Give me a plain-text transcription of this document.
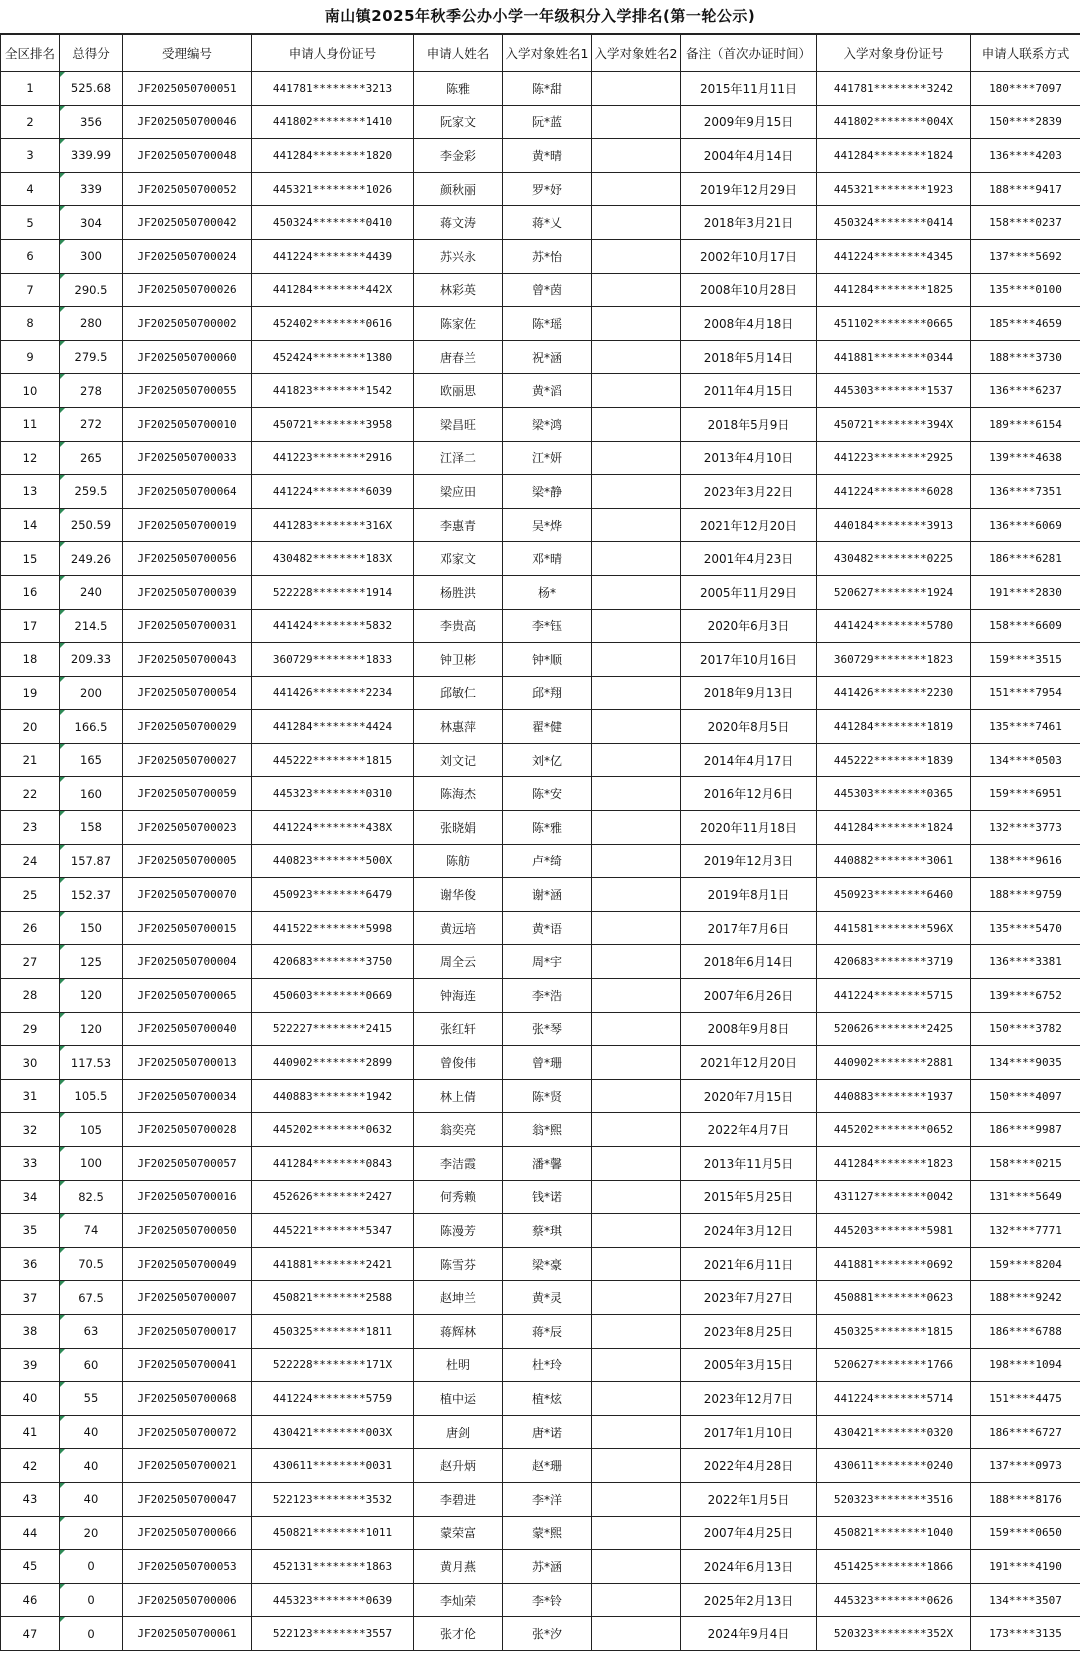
南山镇2025年秋季公办小学一年级积分入学排名(第一轮公示)
全区排名	总得分	受理编号	申请人身份证号	申请人姓名	入学对象姓名1	入学对象姓名2	备注（首次办证时间）	入学对象身份证号	申请人联系方式
1	525.68	JF2025050700051	441781********3213	陈雅	陈*甜		2015年11月11日	441781********3242	180****7097
2	356	JF2025050700046	441802********1410	阮家文	阮*蓝		2009年9月15日	441802********004X	150****2839
3	339.99	JF2025050700048	441284********1820	李金彩	黄*晴		2004年4月14日	441284********1824	136****4203
4	339	JF2025050700052	445321********1026	颜秋丽	罗*妤		2019年12月29日	445321********1923	188****9417
5	304	JF2025050700042	450324********0410	蒋文涛	蒋*乂		2018年3月21日	450324********0414	158****0237
6	300	JF2025050700024	441224********4439	苏兴永	苏*怡		2002年10月17日	441224********4345	137****5692
7	290.5	JF2025050700026	441284********442X	林彩英	曾*茵		2008年10月28日	441284********1825	135****0100
8	280	JF2025050700002	452402********0616	陈家佐	陈*瑶		2008年4月18日	451102********0665	185****4659
9	279.5	JF2025050700060	452424********1380	唐春兰	祝*涵		2018年5月14日	441881********0344	188****3730
10	278	JF2025050700055	441823********1542	欧丽思	黄*滔		2011年4月15日	445303********1537	136****6237
11	272	JF2025050700010	450721********3958	梁昌旺	梁*鸿		2018年5月9日	450721********394X	189****6154
12	265	JF2025050700033	441223********2916	江泽二	江*妍		2013年4月10日	441223********2925	139****4638
13	259.5	JF2025050700064	441224********6039	梁应田	梁*静		2023年3月22日	441224********6028	136****7351
14	250.59	JF2025050700019	441283********316X	李惠青	吴*烨		2021年12月20日	440184********3913	136****6069
15	249.26	JF2025050700056	430482********183X	邓家文	邓*晴		2001年4月23日	430482********0225	186****6281
16	240	JF2025050700039	522228********1914	杨胜洪	杨*		2005年11月29日	520627********1924	191****2830
17	214.5	JF2025050700031	441424********5832	李贵高	李*钰		2020年6月3日	441424********5780	158****6609
18	209.33	JF2025050700043	360729********1833	钟卫彬	钟*顺		2017年10月16日	360729********1823	159****3515
19	200	JF2025050700054	441426********2234	邱敏仁	邱*翔		2018年9月13日	441426********2230	151****7954
20	166.5	JF2025050700029	441284********4424	林惠萍	翟*健		2020年8月5日	441284********1819	135****7461
21	165	JF2025050700027	445222********1815	刘文记	刘*亿		2014年4月17日	445222********1839	134****0503
22	160	JF2025050700059	445323********0310	陈海杰	陈*安		2016年12月6日	445303********0365	159****6951
23	158	JF2025050700023	441224********438X	张晓娟	陈*雅		2020年11月18日	441284********1824	132****3773
24	157.87	JF2025050700005	440823********500X	陈舫	卢*绮		2019年12月3日	440882********3061	138****9616
25	152.37	JF2025050700070	450923********6479	谢华俊	谢*涵		2019年8月1日	450923********6460	188****9759
26	150	JF2025050700015	441522********5998	黄远培	黄*语		2017年7月6日	441581********596X	135****5470
27	125	JF2025050700004	420683********3750	周全云	周*宇		2018年6月14日	420683********3719	136****3381
28	120	JF2025050700065	450603********0669	钟海连	李*浩		2007年6月26日	441224********5715	139****6752
29	120	JF2025050700040	522227********2415	张红轩	张*琴		2008年9月8日	520626********2425	150****3782
30	117.53	JF2025050700013	440902********2899	曾俊伟	曾*珊		2021年12月20日	440902********2881	134****9035
31	105.5	JF2025050700034	440883********1942	林上倩	陈*贤		2020年7月15日	440883********1937	150****4097
32	105	JF2025050700028	445202********0632	翁奕亮	翁*熙		2022年4月7日	445202********0652	186****9987
33	100	JF2025050700057	441284********0843	李洁霞	潘*馨		2013年11月5日	441284********1823	158****0215
34	82.5	JF2025050700016	452626********2427	何秀赖	钱*诺		2015年5月25日	431127********0042	131****5649
35	74	JF2025050700050	445221********5347	陈漫芳	蔡*琪		2024年3月12日	445203********5981	132****7771
36	70.5	JF2025050700049	441881********2421	陈雪芬	梁*豪		2021年6月11日	441881********0692	159****8204
37	67.5	JF2025050700007	450821********2588	赵坤兰	黄*灵		2023年7月27日	450881********0623	188****9242
38	63	JF2025050700017	450325********1811	蒋辉林	蒋*辰		2023年8月25日	450325********1815	186****6788
39	60	JF2025050700041	522228********171X	杜明	杜*玲		2005年3月15日	520627********1766	198****1094
40	55	JF2025050700068	441224********5759	植中运	植*炫		2023年12月7日	441224********5714	151****4475
41	40	JF2025050700072	430421********003X	唐剑	唐*诺		2017年1月10日	430421********0320	186****6727
42	40	JF2025050700021	430611********0031	赵升炳	赵*珊		2022年4月28日	430611********0240	137****0973
43	40	JF2025050700047	522123********3532	李碧进	李*洋		2022年1月5日	520323********3516	188****8176
44	20	JF2025050700066	450821********1011	蒙荣富	蒙*熙		2007年4月25日	450821********1040	159****0650
45	0	JF2025050700053	452131********1863	黄月燕	苏*涵		2024年6月13日	451425********1866	191****4190
46	0	JF2025050700006	445323********0639	李灿荣	李*铃		2025年2月13日	445323********0626	134****3507
47	0	JF2025050700061	522123********3557	张才伦	张*汐		2024年9月4日	520323********352X	173****3135
